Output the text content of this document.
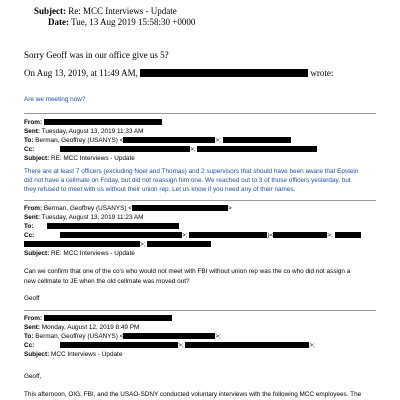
Subject: Re: MCC Interviews - Update
Date: Tue, 13 Aug 2019 15:58:30 +0000
Sorry Geoff was in our office give us 5?
On Aug 13, 2019, at 11:49 AM,	wrote:
Are we meeting now?
From:
Sent: Tuesday, August 13, 2019 11:33 AM
To: Berman, Geoffrey (USANYS) <	>;
Cc:	>;
Subject: RE: MCC Interviews - Update
There are at least 7 officers (excluding Noel and Thomas) and 2 supervisors that should have been aware that Epstein
did not have a cellmate on Friday, but did not reassign him one. We reached out to 3 of those officers yesterday, but
they refused to meet with us without their union rep. Let us know if you need any of their names.
From: Berman, Geoffrey (USANYS) <	>
Sent: Tuesday, August 13, 2019 11:23 AM
To:
Cc:	>;	)<	>;
>;
Subject: RE: MCC Interviews - Update
Can we confirm that one of the co's who would not meet with FBI without union rep was the co who did not assign a
new cellmate to JE when the old cellmate was moved out?
Geoff
From:
Sent: Monday, August 12, 2019 8:49 PM
To: Berman, Geoffrey (USANYS) <	>;
Cc:	>;	>;
Subject: MCC Interviews - Update
Geoff,
This afternoon, OIG, FBI, and the USAO-SDNY conducted voluntary interviews with the following MCC employees. The
